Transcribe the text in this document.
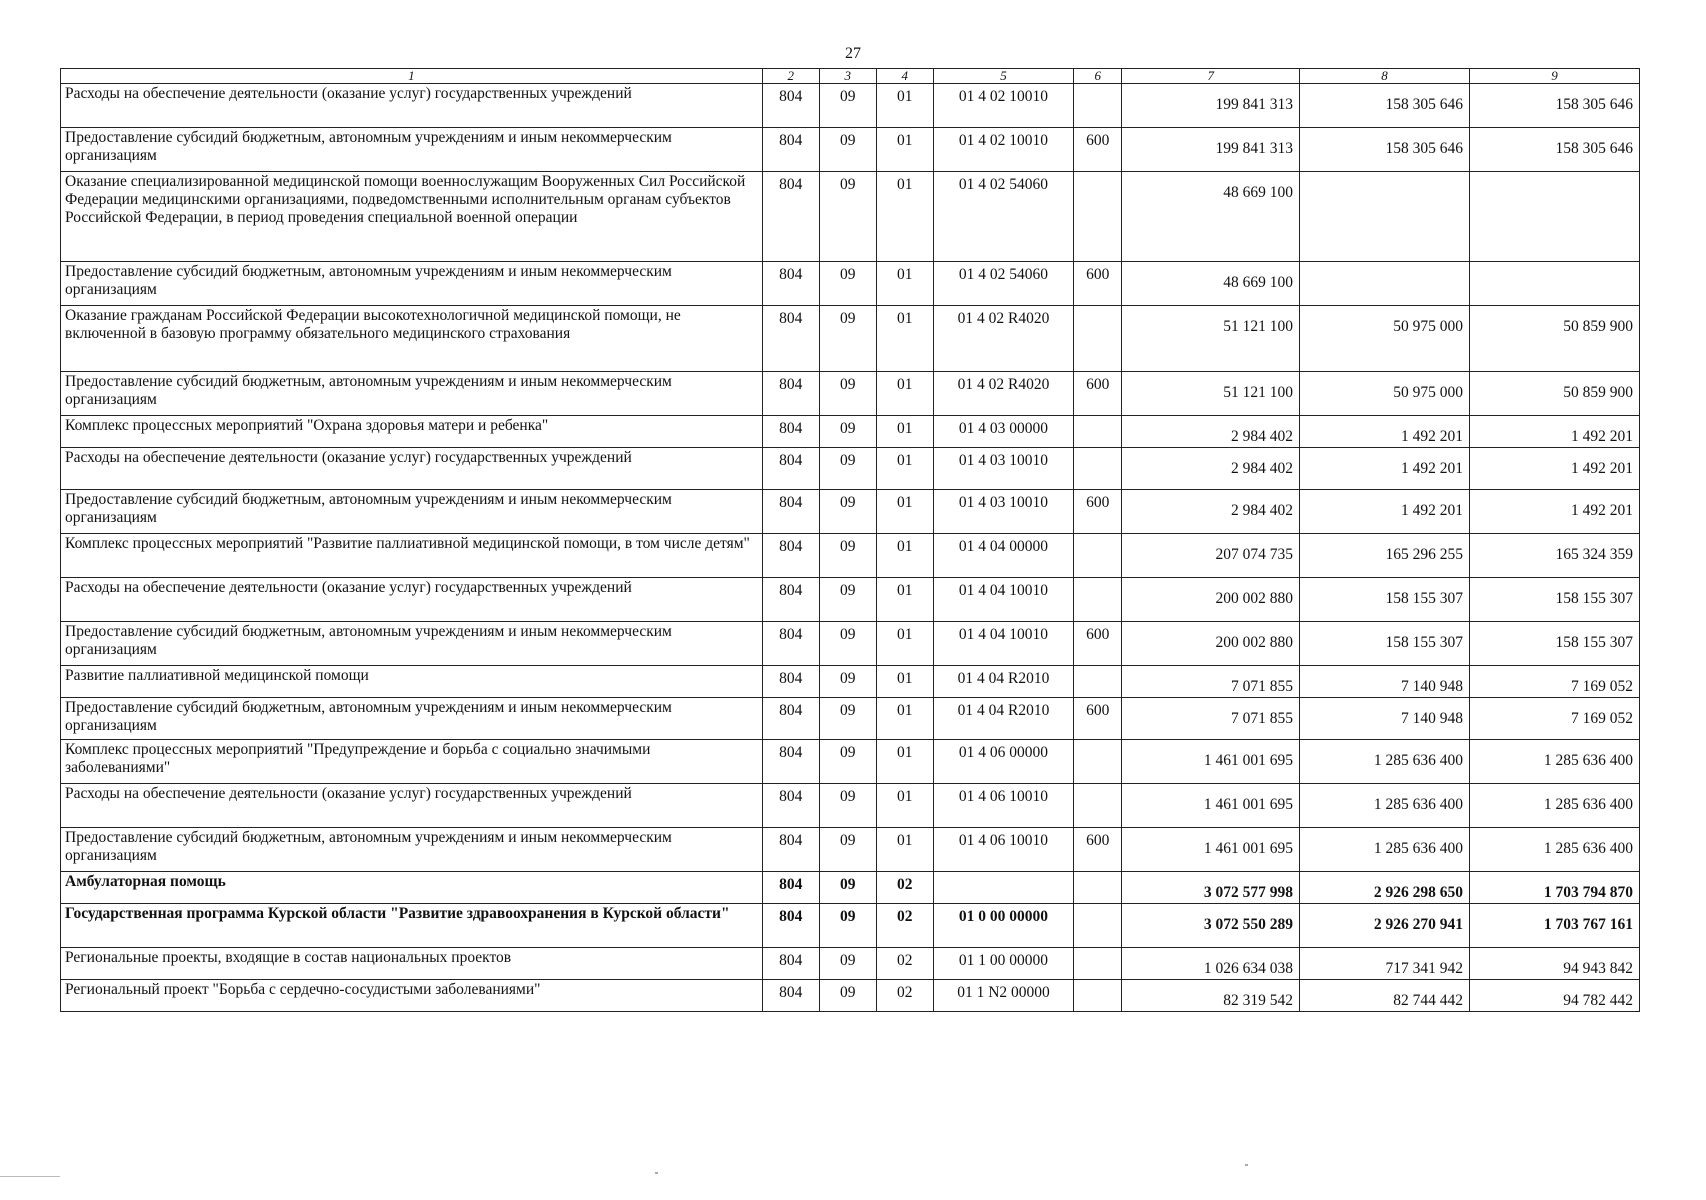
27
1	2	3	4	5	6	7	8	9
Расходы на обеспечение деятельности (оказание услуг) государственных учреждений	804	09	01	01 4 02 10010		199 841 313	158 305 646	158 305 646
Предоставление субсидий бюджетным, автономным учреждениям и иным некоммерческим организациям	804	09	01	01 4 02 10010	600	199 841 313	158 305 646	158 305 646
Оказание специализированной медицинской помощи военнослужащим Вооруженных Сил Российской Федерации медицинскими организациями, подведомственными исполнительным органам субъектов Российской Федерации, в период проведения специальной военной операции	804	09	01	01 4 02 54060		48 669 100		
Предоставление субсидий бюджетным, автономным учреждениям и иным некоммерческим организациям	804	09	01	01 4 02 54060	600	48 669 100		
Оказание гражданам Российской Федерации высокотехнологичной медицинской помощи, не включенной в базовую программу обязательного медицинского страхования	804	09	01	01 4 02 R4020		51 121 100	50 975 000	50 859 900
Предоставление субсидий бюджетным, автономным учреждениям и иным некоммерческим организациям	804	09	01	01 4 02 R4020	600	51 121 100	50 975 000	50 859 900
Комплекс процессных мероприятий "Охрана здоровья матери и ребенка"	804	09	01	01 4 03 00000		2 984 402	1 492 201	1 492 201
Расходы на обеспечение деятельности (оказание услуг) государственных учреждений	804	09	01	01 4 03 10010		2 984 402	1 492 201	1 492 201
Предоставление субсидий бюджетным, автономным учреждениям и иным некоммерческим организациям	804	09	01	01 4 03 10010	600	2 984 402	1 492 201	1 492 201
Комплекс процессных мероприятий "Развитие паллиативной медицинской помощи, в том числе детям"	804	09	01	01 4 04 00000		207 074 735	165 296 255	165 324 359
Расходы на обеспечение деятельности (оказание услуг) государственных учреждений	804	09	01	01 4 04 10010		200 002 880	158 155 307	158 155 307
Предоставление субсидий бюджетным, автономным учреждениям и иным некоммерческим организациям	804	09	01	01 4 04 10010	600	200 002 880	158 155 307	158 155 307
Развитие паллиативной медицинской помощи	804	09	01	01 4 04 R2010		7 071 855	7 140 948	7 169 052
Предоставление субсидий бюджетным, автономным учреждениям и иным некоммерческим организациям	804	09	01	01 4 04 R2010	600	7 071 855	7 140 948	7 169 052
Комплекс процессных мероприятий "Предупреждение и борьба с социально значимыми заболеваниями"	804	09	01	01 4 06 00000		1 461 001 695	1 285 636 400	1 285 636 400
Расходы на обеспечение деятельности (оказание услуг) государственных учреждений	804	09	01	01 4 06 10010		1 461 001 695	1 285 636 400	1 285 636 400
Предоставление субсидий бюджетным, автономным учреждениям и иным некоммерческим организациям	804	09	01	01 4 06 10010	600	1 461 001 695	1 285 636 400	1 285 636 400
Амбулаторная помощь	804	09	02			3 072 577 998	2 926 298 650	1 703 794 870
Государственная программа Курской области "Развитие здравоохранения в Курской области"	804	09	02	01 0 00 00000		3 072 550 289	2 926 270 941	1 703 767 161
Региональные проекты, входящие в состав национальных проектов	804	09	02	01 1 00 00000		1 026 634 038	717 341 942	94 943 842
Региональный проект "Борьба с сердечно-сосудистыми заболеваниями"	804	09	02	01 1 N2 00000		82 319 542	82 744 442	94 782 442
